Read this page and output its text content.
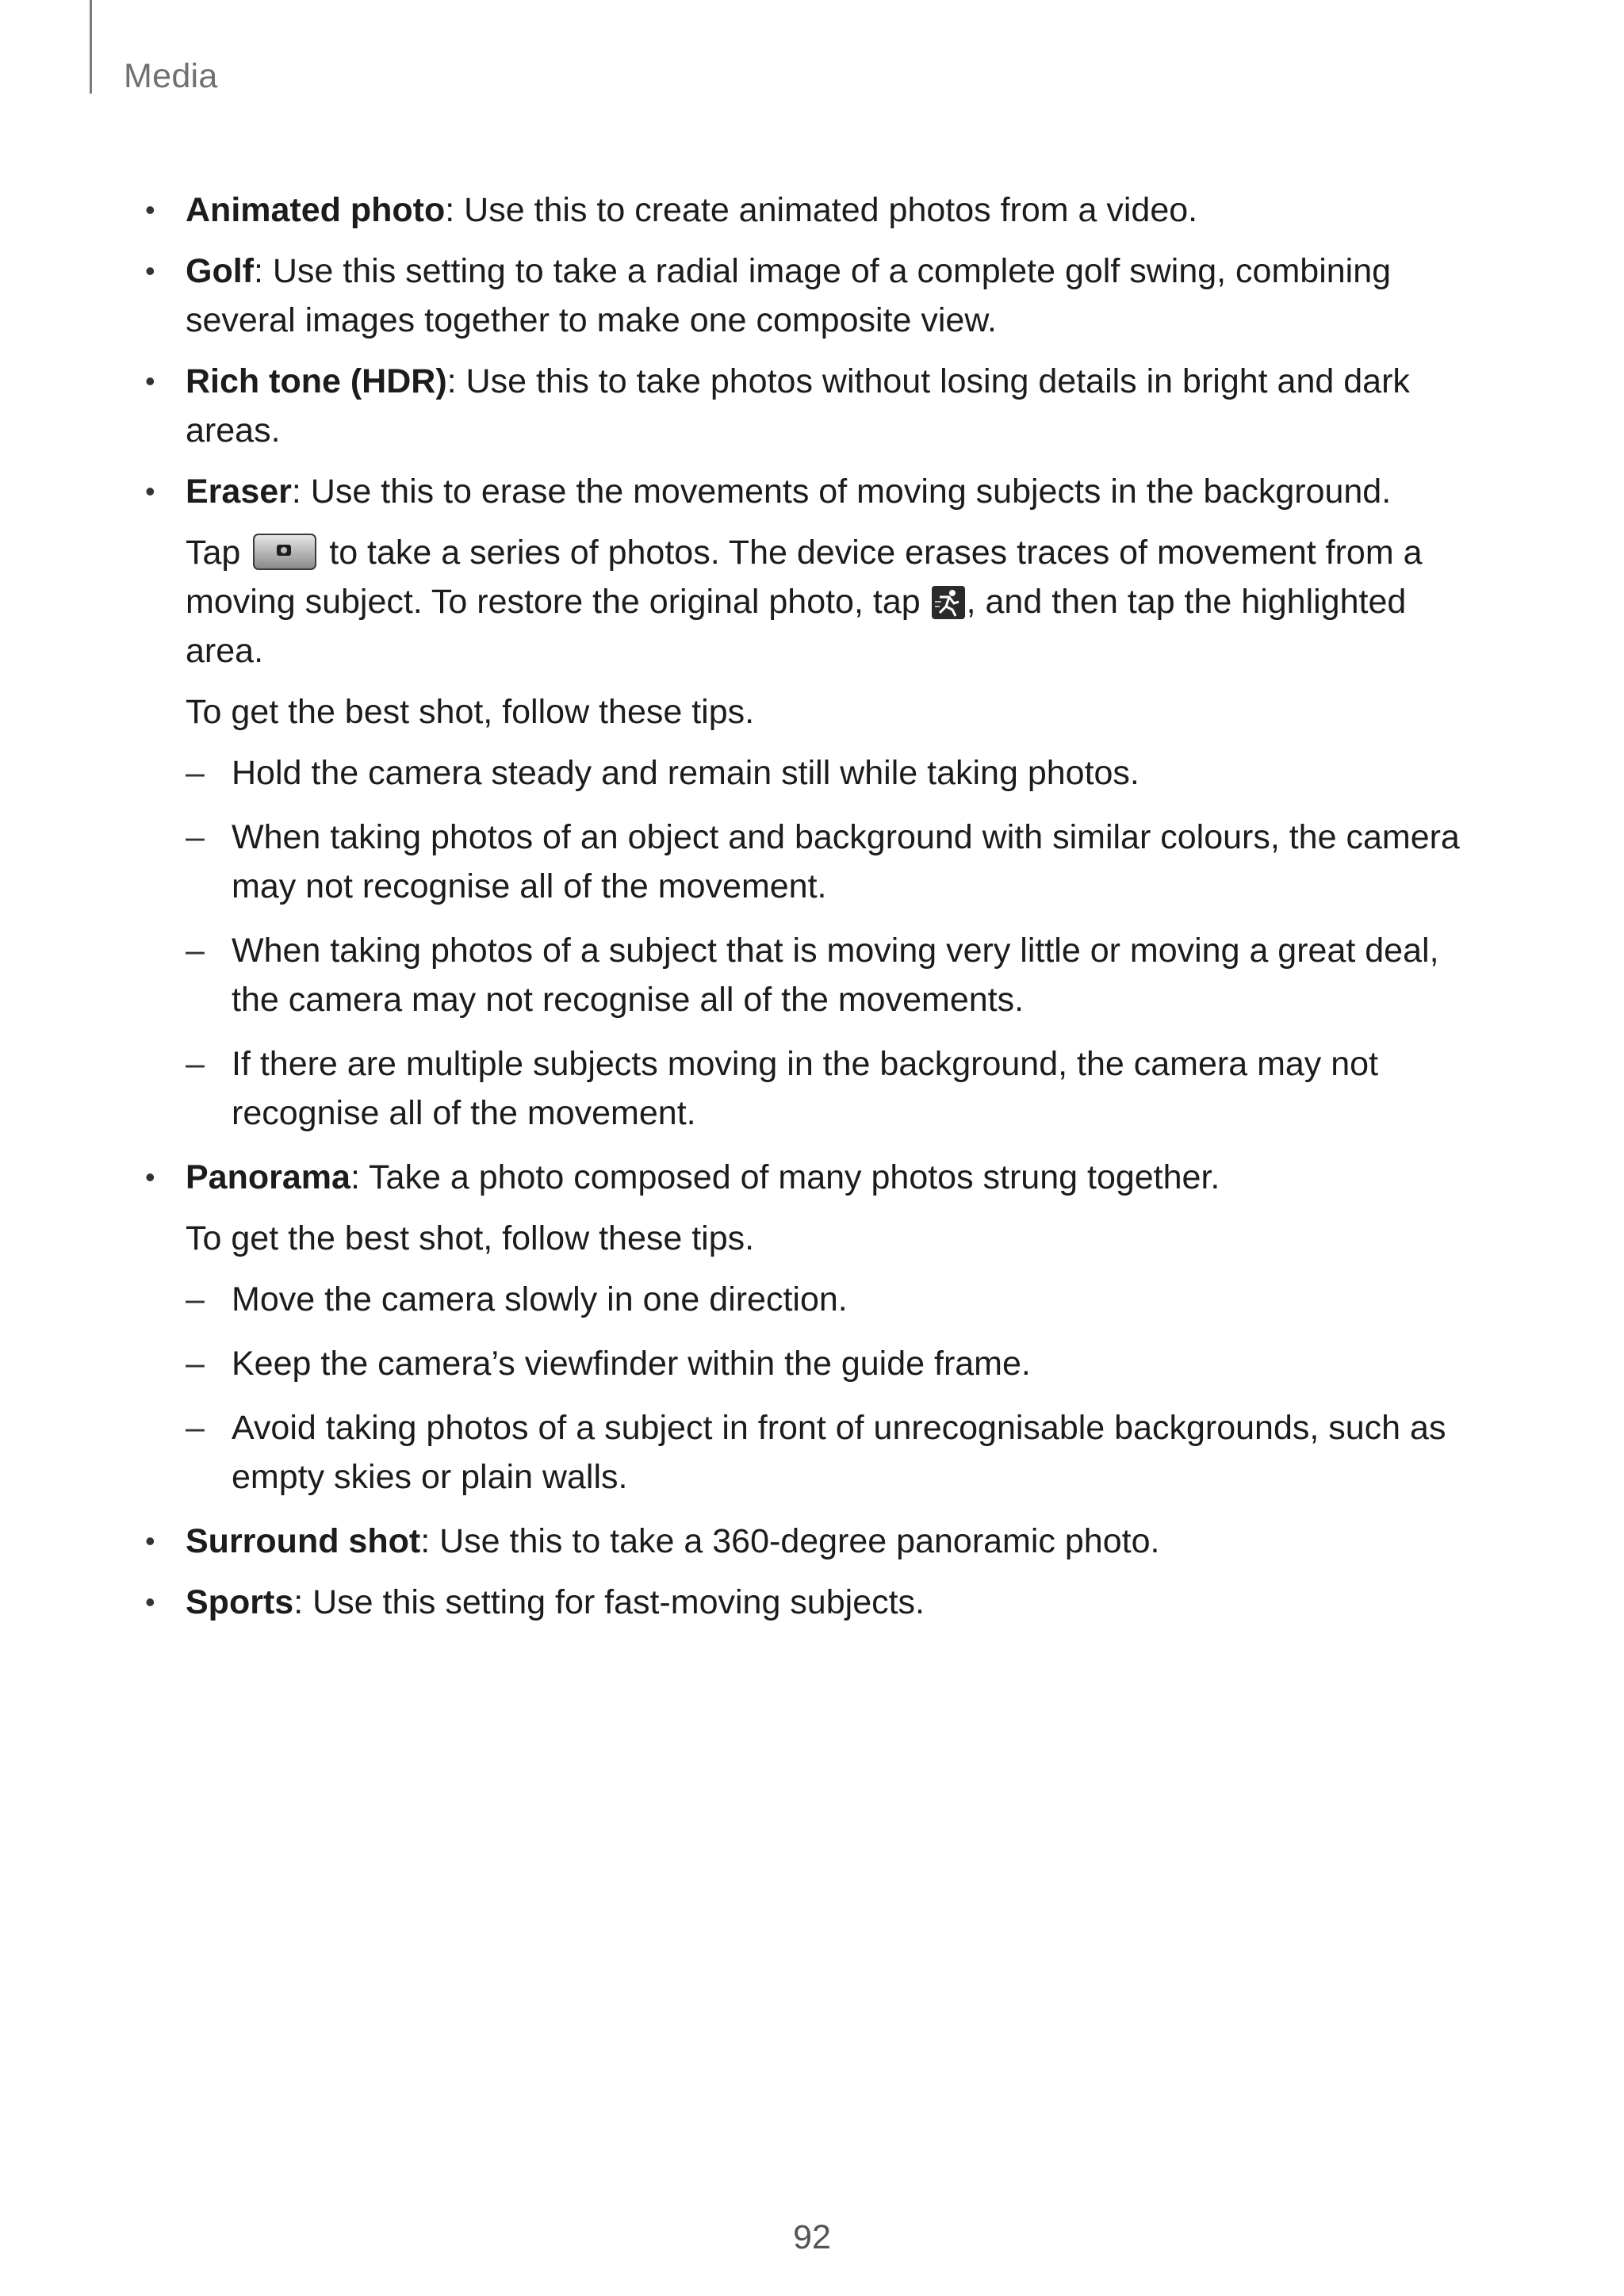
Media

• Animated photo: Use this to create animated photos from a video.

• Golf: Use this setting to take a radial image of a complete golf swing, combining several images together to make one composite view.

• Rich tone (HDR): Use this to take photos without losing details in bright and dark areas.

• Eraser: Use this to erase the movements of moving subjects in the background.

Tap	to take a series of photos. The device erases traces of movement from a moving subject. To restore the original photo, tap , and then tap the highlighted area.

To get the best shot, follow these tips.

– Hold the camera steady and remain still while taking photos.

– When taking photos of an object and background with similar colours, the camera may not recognise all of the movement.

– When taking photos of a subject that is moving very little or moving a great deal, the camera may not recognise all of the movements.

– If there are multiple subjects moving in the background, the camera may not recognise all of the movement.

• Panorama: Take a photo composed of many photos strung together.

To get the best shot, follow these tips.

– Move the camera slowly in one direction.

– Keep the camera’s viewfinder within the guide frame.

– Avoid taking photos of a subject in front of unrecognisable backgrounds, such as empty skies or plain walls.

• Surround shot: Use this to take a 360-degree panoramic photo.

• Sports: Use this setting for fast-moving subjects.

92
